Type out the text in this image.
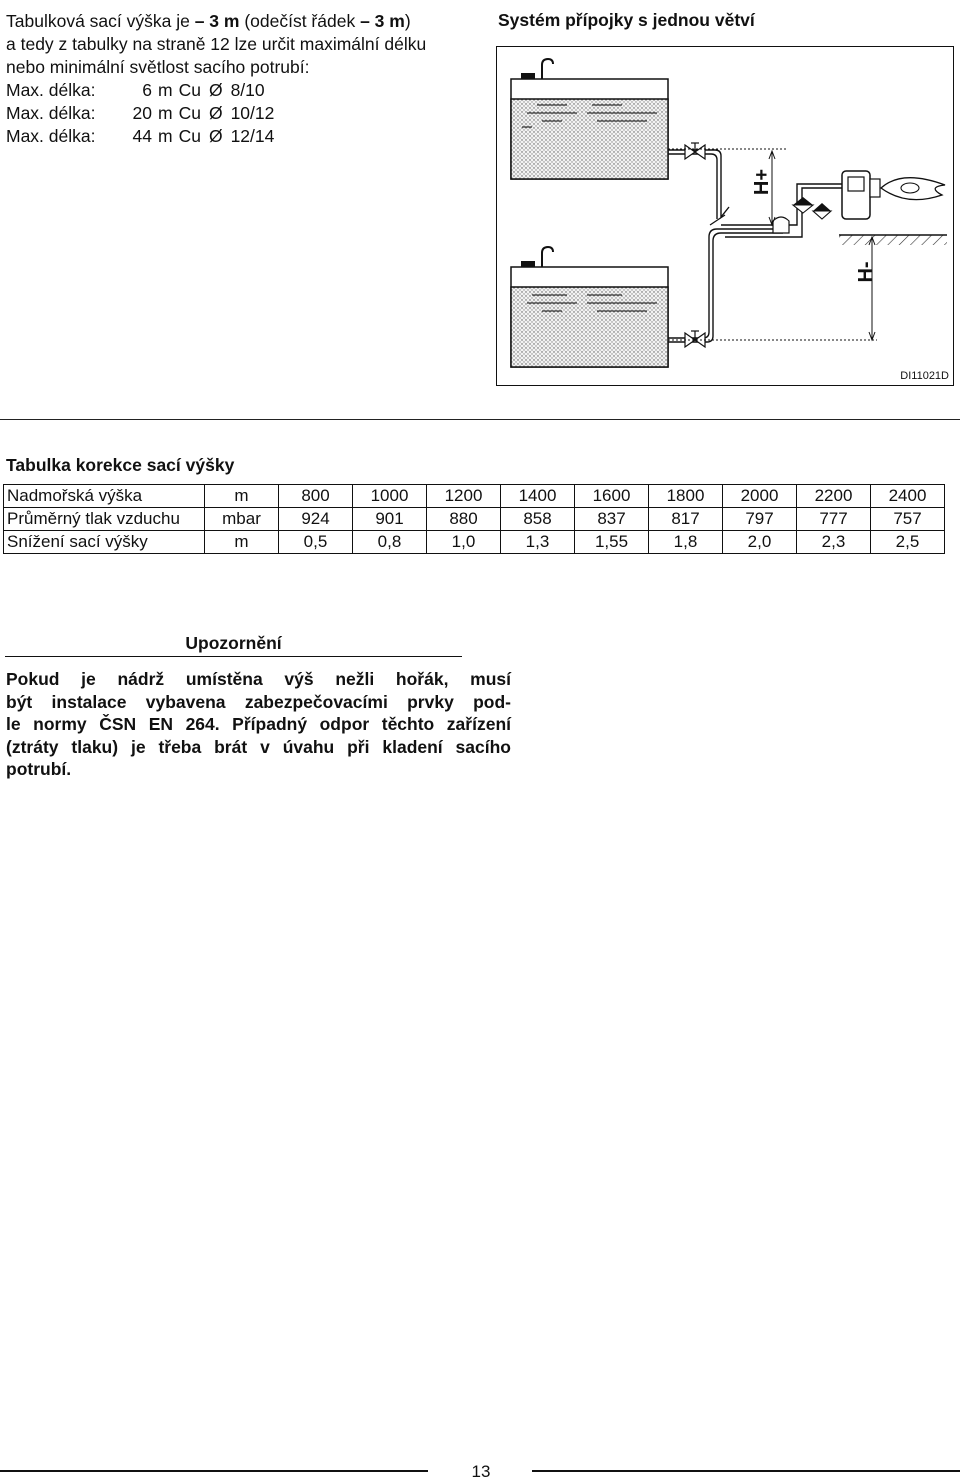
Tabulková sací výška je – 3 m (odečíst řádek – 3 m)
a tedy z tabulky na straně 12 lze určit maximální délku
nebo minimální světlost sacího potrubí:
Max. délka:	6 m Cu Ø 8/10
Max. délka:	20 m Cu Ø 10/12
Max. délka:	44 m Cu Ø 12/14
Systém přípojky s jednou větví
H+
H-
DI11021D
Tabulka korekce sací výšky
Nadmořská výška	m	800	1000	1200	1400	1600	1800	2000	2200	2400
Průměrný tlak vzduchu	mbar	924	901	880	858	837	817	797	777	757
Snížení sací výšky	m	0,5	0,8	1,0	1,3	1,55	1,8	2,0	2,3	2,5
Upozornění
Pokud je nádrž umístěna výš nežli hořák, musí
být instalace vybavena zabezpečovacími prvky pod-
le normy ČSN EN 264. Případný odpor těchto zařízení
(ztráty tlaku) je třeba brát v úvahu při kladení sacího
potrubí.
13
